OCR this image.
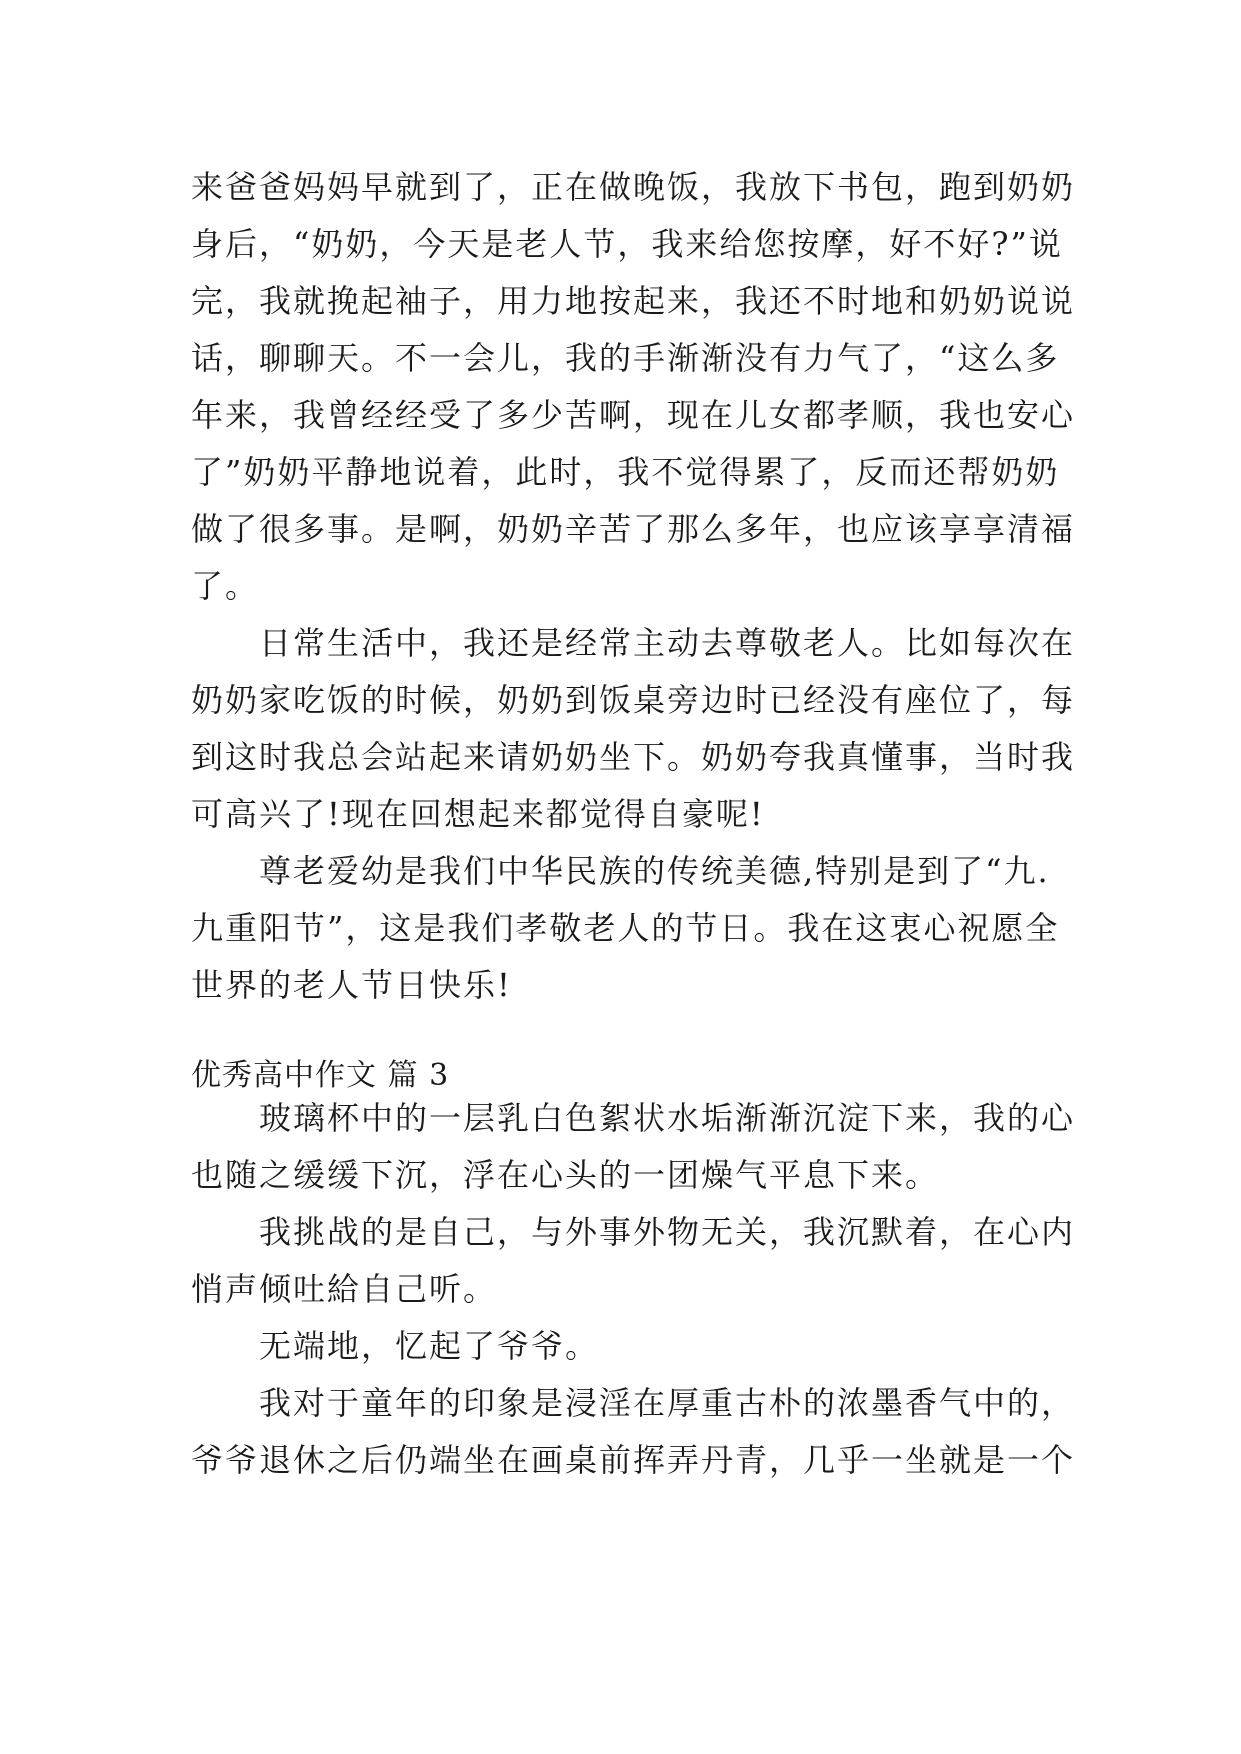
来爸爸妈妈早就到了，正在做晚饭，我放下书包，跑到奶奶
身后，“奶奶，今天是老人节，我来给您按摩，好不好?”说
完，我就挽起袖子，用力地按起来，我还不时地和奶奶说说
话，聊聊天。不一会儿，我的手渐渐没有力气了，“这么多
年来，我曾经经受了多少苦啊，现在儿女都孝顺，我也安心
了”奶奶平静地说着，此时，我不觉得累了，反而还帮奶奶
做了很多事。是啊，奶奶辛苦了那么多年，也应该享享清福
了。
　　日常生活中，我还是经常主动去尊敬老人。比如每次在
奶奶家吃饭的时候，奶奶到饭桌旁边时已经没有座位了，每
到这时我总会站起来请奶奶坐下。奶奶夸我真懂事，当时我
可高兴了!现在回想起来都觉得自豪呢!
　　尊老爱幼是我们中华民族的传统美德,特别是到了“九.
九重阳节”，这是我们孝敬老人的节日。我在这衷心祝愿全
世界的老人节日快乐!
优秀高中作文 篇 3
　　玻璃杯中的一层乳白色絮状水垢渐渐沉淀下来，我的心
也随之缓缓下沉，浮在心头的一团燥气平息下来。
　　我挑战的是自己，与外事外物无关，我沉默着，在心内
悄声倾吐給自己听。
　　无端地，忆起了爷爷。
　　我对于童年的印象是浸淫在厚重古朴的浓墨香气中的，
爷爷退休之后仍端坐在画桌前挥弄丹青，几乎一坐就是一个
